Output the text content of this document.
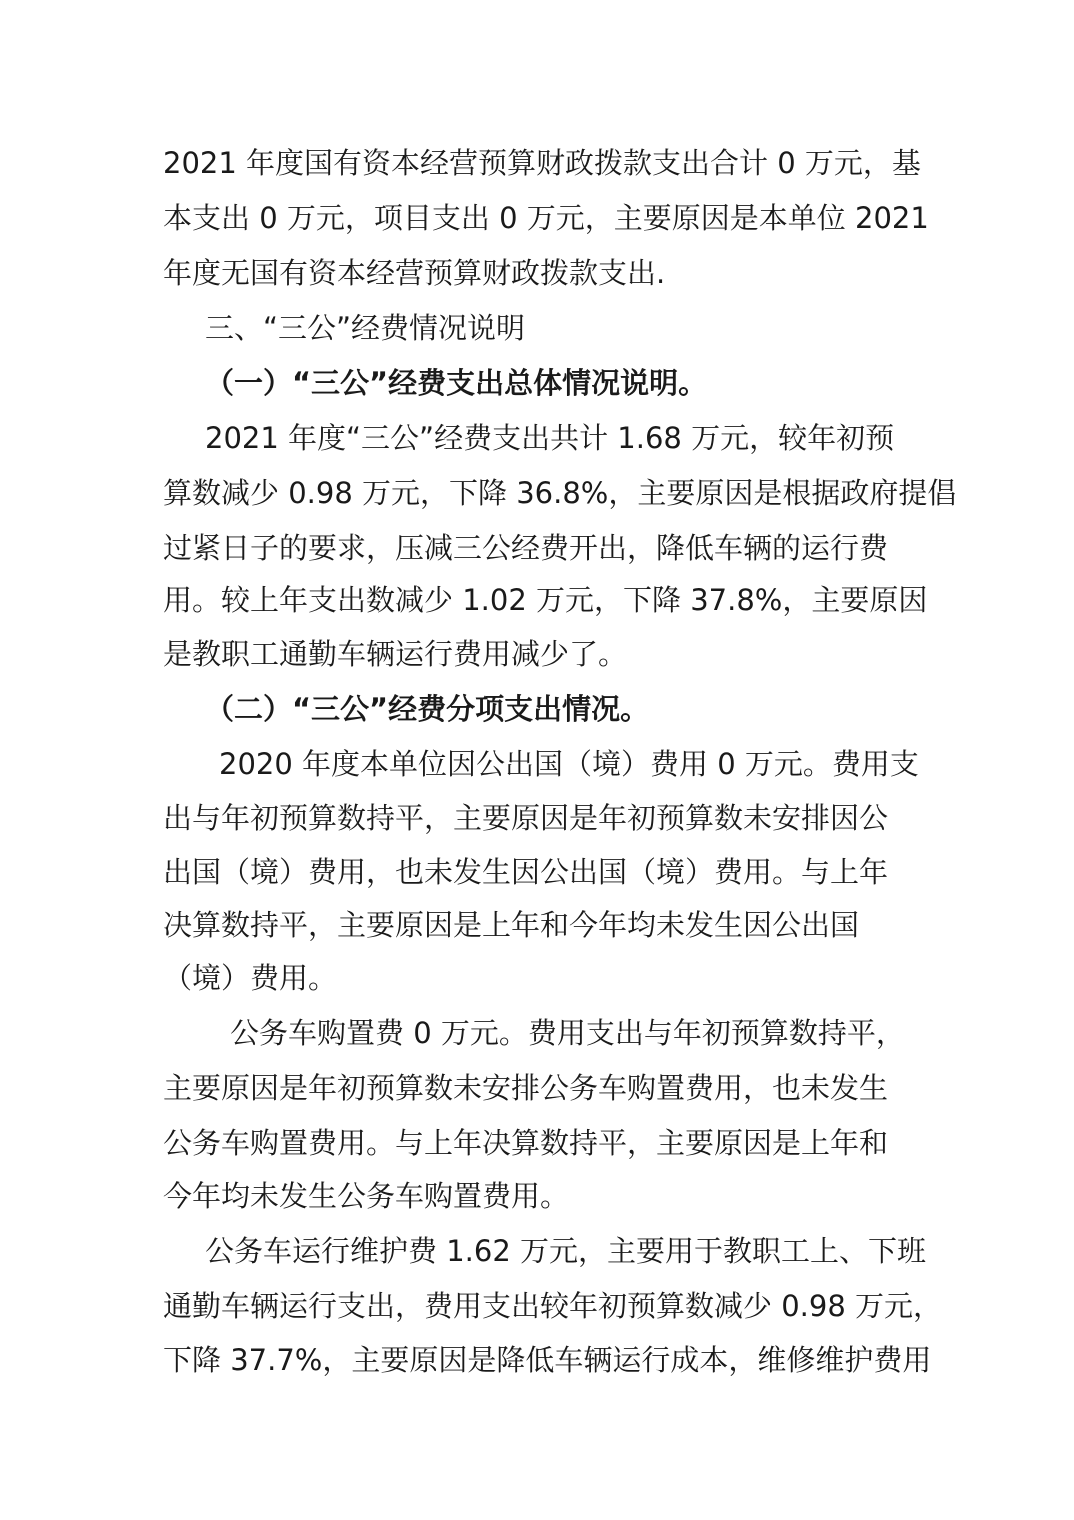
2021 年度国有资本经营预算财政拨款支出合计 0 万元，基
本支出 0 万元，项目支出 0 万元，主要原因是本单位 2021
年度无国有资本经营预算财政拨款支出.
三、“三公”经费情况说明
（一）“三公”经费支出总体情况说明。
2021 年度“三公”经费支出共计 1.68 万元，较年初预
算数减少 0.98 万元，下降 36.8%，主要原因是根据政府提倡
过紧日子的要求，压减三公经费开出，降低车辆的运行费
用。较上年支出数减少 1.02 万元，下降 37.8%，主要原因
是教职工通勤车辆运行费用减少了。
（二）“三公”经费分项支出情况。
2020 年度本单位因公出国（境）费用 0 万元。费用支
出与年初预算数持平，主要原因是年初预算数未安排因公
出国（境）费用，也未发生因公出国（境）费用。与上年
决算数持平，主要原因是上年和今年均未发生因公出国
（境）费用。
公务车购置费 0 万元。费用支出与年初预算数持平，
主要原因是年初预算数未安排公务车购置费用，也未发生
公务车购置费用。与上年决算数持平，主要原因是上年和
今年均未发生公务车购置费用。
公务车运行维护费 1.62 万元，主要用于教职工上、下班
通勤车辆运行支出，费用支出较年初预算数减少 0.98 万元，
下降 37.7%，主要原因是降低车辆运行成本，维修维护费用
